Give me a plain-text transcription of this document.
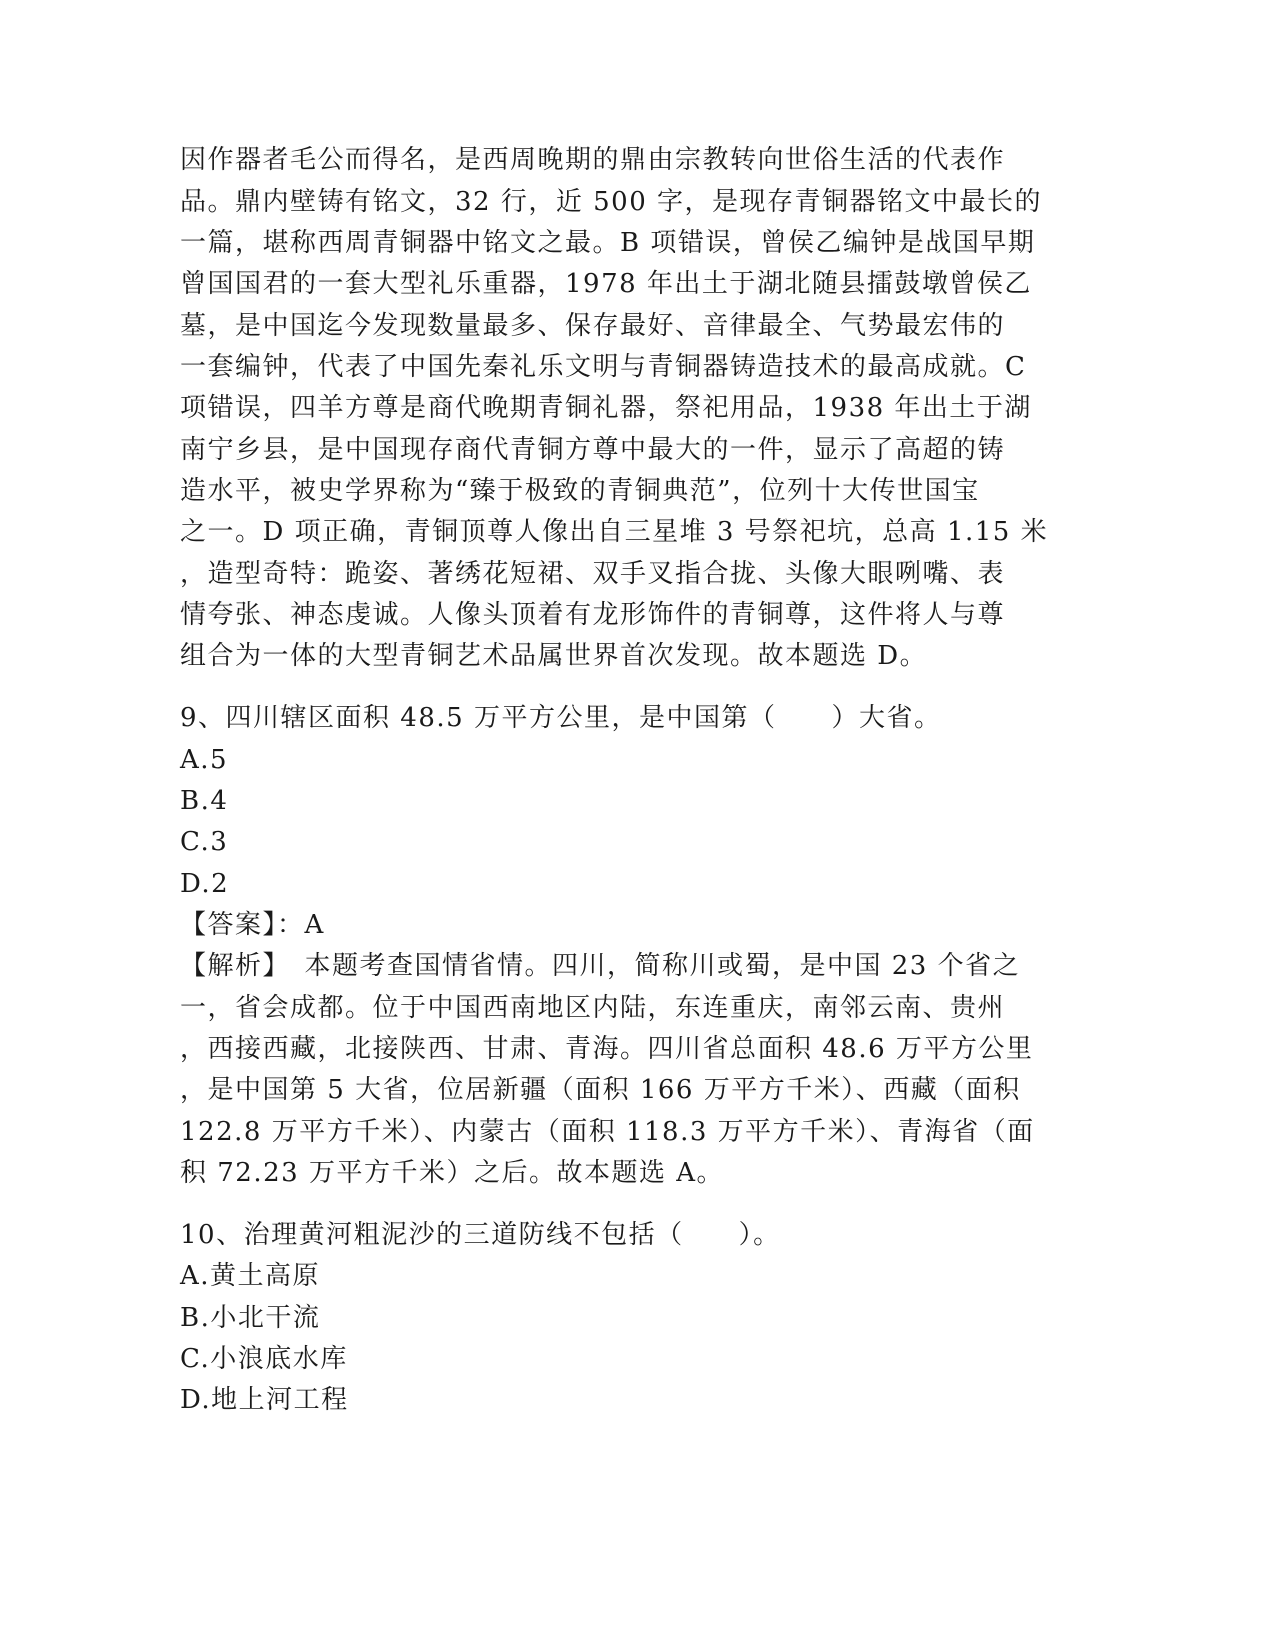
因作器者毛公而得名，是西周晚期的鼎由宗教转向世俗生活的代表作
品。鼎内壁铸有铭文，32 行，近 500 字，是现存青铜器铭文中最长的
一篇，堪称西周青铜器中铭文之最。B 项错误，曾侯乙编钟是战国早期
曾国国君的一套大型礼乐重器，1978 年出土于湖北随县擂鼓墩曾侯乙
墓，是中国迄今发现数量最多、保存最好、音律最全、气势最宏伟的
一套编钟，代表了中国先秦礼乐文明与青铜器铸造技术的最高成就。C
项错误，四羊方尊是商代晚期青铜礼器，祭祀用品，1938 年出土于湖
南宁乡县，是中国现存商代青铜方尊中最大的一件，显示了高超的铸
造水平，被史学界称为“臻于极致的青铜典范”，位列十大传世国宝
之一。D 项正确，青铜顶尊人像出自三星堆 3 号祭祀坑，总高 1.15 米
，造型奇特：跪姿、著绣花短裙、双手叉指合拢、头像大眼咧嘴、表
情夸张、神态虔诚。人像头顶着有龙形饰件的青铜尊，这件将人与尊
组合为一体的大型青铜艺术品属世界首次发现。故本题选 D。
9、四川辖区面积 48.5 万平方公里，是中国第（　　）大省。
A.5
B.4
C.3
D.2
【答案】：A
【解析】　本题考查国情省情。四川，简称川或蜀，是中国 23 个省之
一，省会成都。位于中国西南地区内陆，东连重庆，南邻云南、贵州
，西接西藏，北接陕西、甘肃、青海。四川省总面积 48.6 万平方公里
，是中国第 5 大省，位居新疆（面积 166 万平方千米）、西藏（面积
122.8 万平方千米）、内蒙古（面积 118.3 万平方千米）、青海省（面
积 72.23 万平方千米）之后。故本题选 A。
10、治理黄河粗泥沙的三道防线不包括（　　）。
A.黄土高原
B.小北干流
C.小浪底水库
D.地上河工程
